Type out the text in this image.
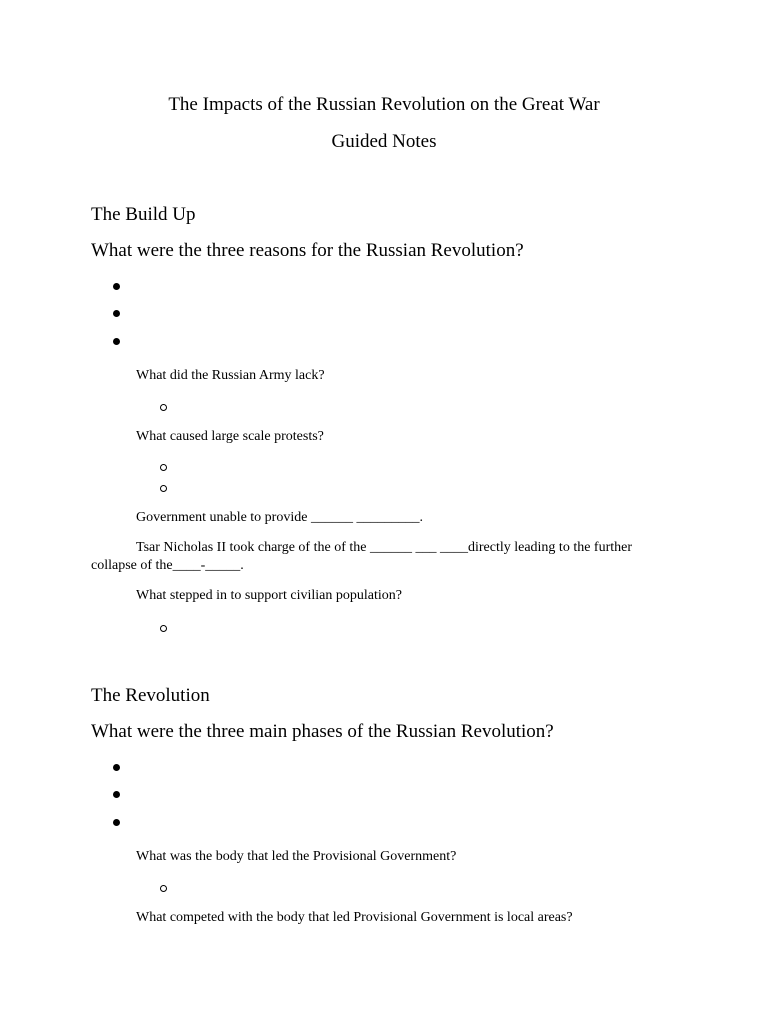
The Impacts of the Russian Revolution on the Great War
Guided Notes
The Build Up
What were the three reasons for the Russian Revolution?
What did the Russian Army lack?
What caused large scale protests?
Government unable to provide ______ _________.
Tsar Nicholas II took charge of the of the ______ ___ ____directly leading to the further
collapse of the____-_____.
What stepped in to support civilian population?
The Revolution
What were the three main phases of the Russian Revolution?
What was the body that led the Provisional Government?
What competed with the body that led Provisional Government is local areas?
